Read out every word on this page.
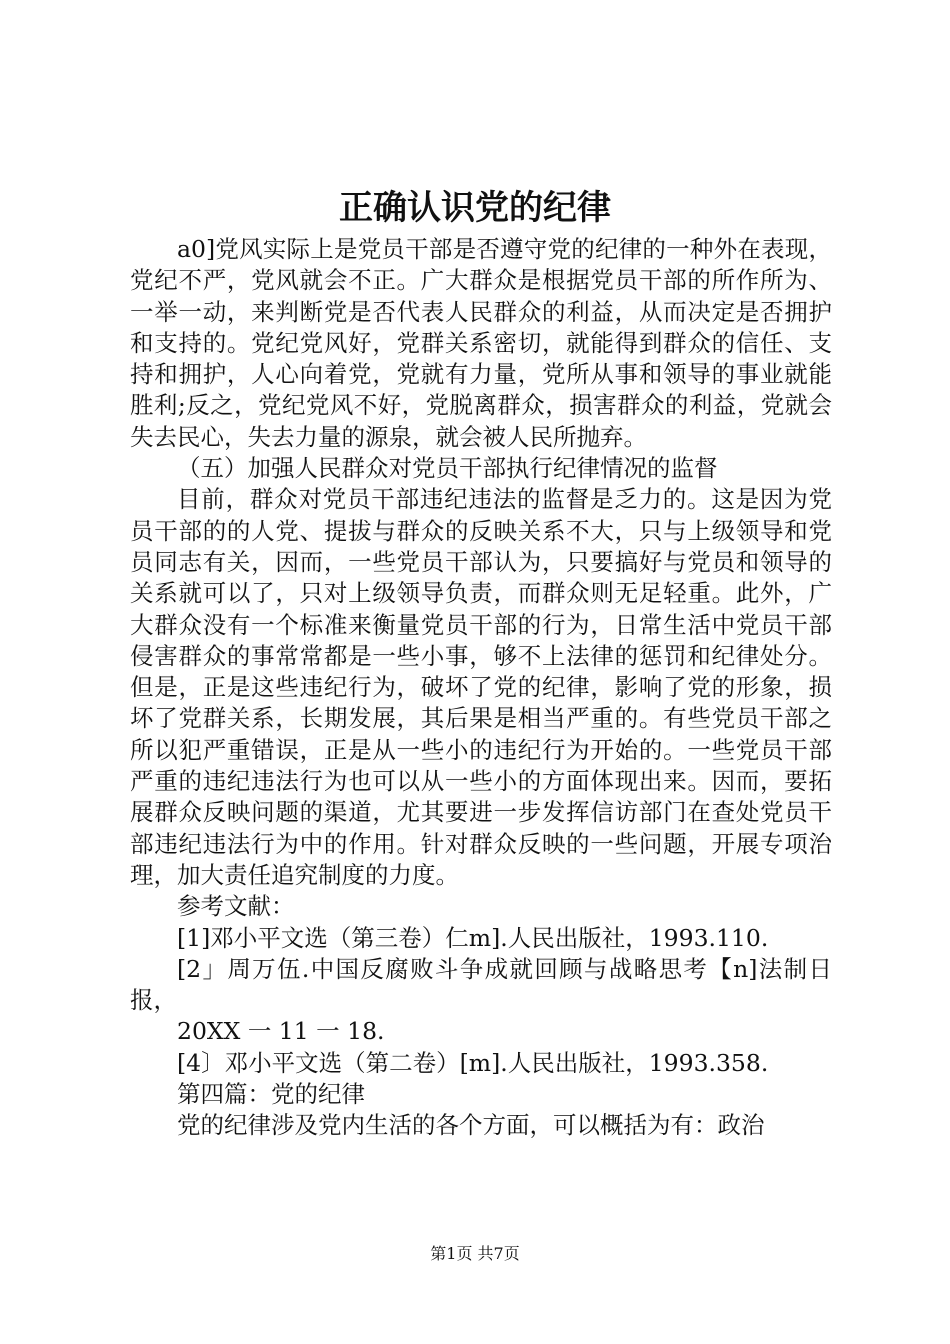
正确认识党的纪律

a0]党风实际上是党员干部是否遵守党的纪律的一种外在表现，党纪不严，党风就会不正。广大群众是根据党员干部的所作所为、一举一动，来判断党是否代表人民群众的利益，从而决定是否拥护和支持的。党纪党风好，党群关系密切，就能得到群众的信任、支持和拥护，人心向着党，党就有力量，党所从事和领导的事业就能胜利;反之，党纪党风不好，党脱离群众，损害群众的利益，党就会失去民心，失去力量的源泉，就会被人民所抛弃。

（五）加强人民群众对党员干部执行纪律情况的监督

目前，群众对党员干部违纪违法的监督是乏力的。这是因为党员干部的的人党、提拔与群众的反映关系不大，只与上级领导和党员同志有关，因而，一些党员干部认为，只要搞好与党员和领导的关系就可以了，只对上级领导负责，而群众则无足轻重。此外，广大群众没有一个标准来衡量党员干部的行为，日常生活中党员干部侵害群众的事常常都是一些小事，够不上法律的惩罚和纪律处分。但是，正是这些违纪行为，破坏了党的纪律，影响了党的形象，损坏了党群关系，长期发展，其后果是相当严重的。有些党员干部之所以犯严重错误，正是从一些小的违纪行为开始的。一些党员干部严重的违纪违法行为也可以从一些小的方面体现出来。因而，要拓展群众反映问题的渠道，尤其要进一步发挥信访部门在查处党员干部违纪违法行为中的作用。针对群众反映的一些问题，开展专项治理，加大责任追究制度的力度。

参考文献：

[1]邓小平文选（第三卷）仁m].人民出版社，1993.110.

[2」周万伍.中国反腐败斗争成就回顾与战略思考【n]法制日报，

20XX 一 11 一 18.

[4〕邓小平文选（第二卷）[m].人民出版社，1993.358.

第四篇：党的纪律

党的纪律涉及党内生活的各个方面，可以概括为有：政治

第1页 共7页
